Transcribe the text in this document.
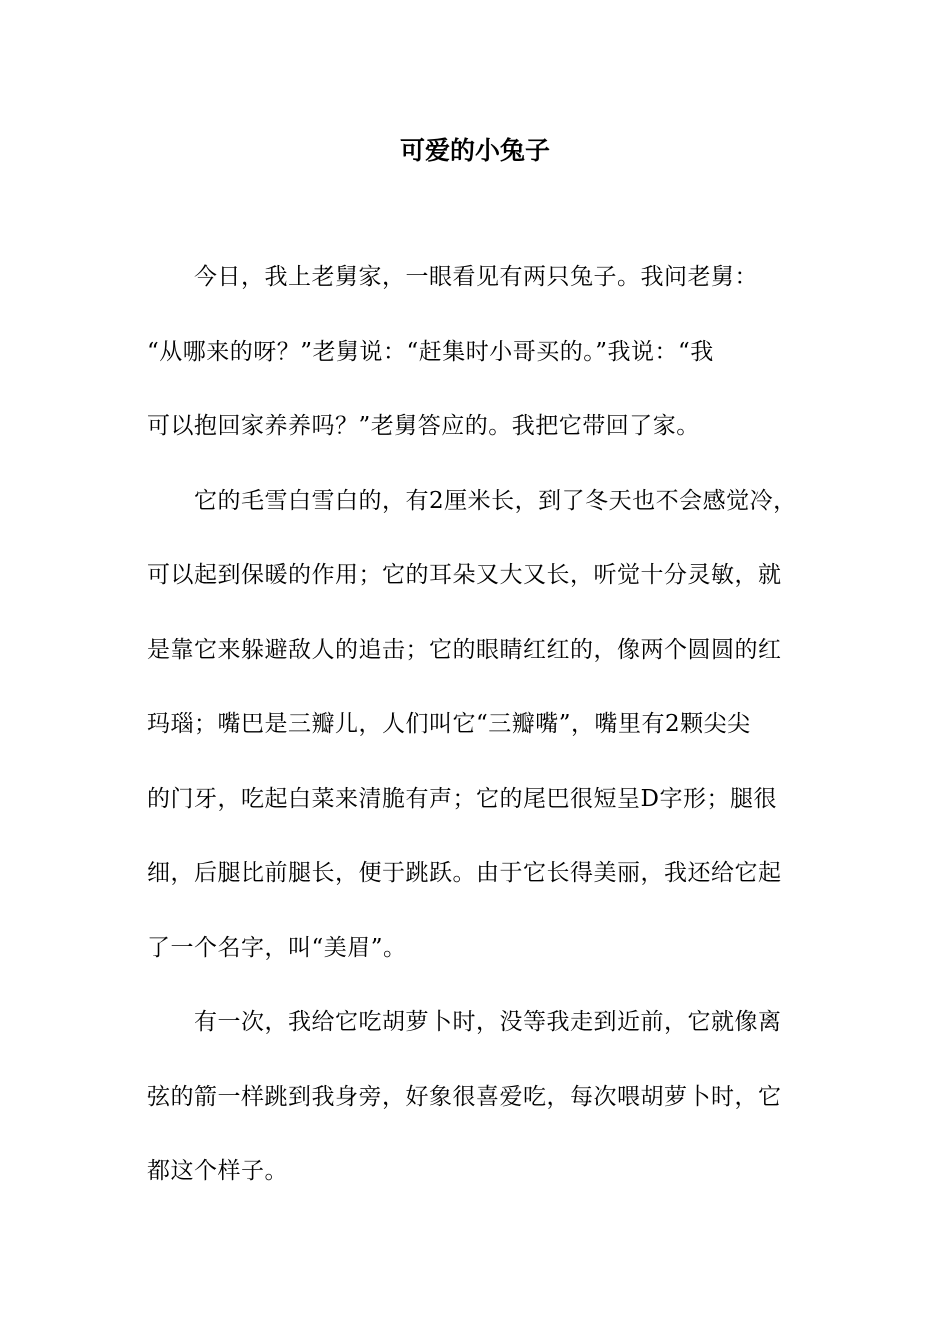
可爱的小兔子
今日，我上老舅家，一眼看见有两只兔子。我问老舅：
“从哪来的呀？”老舅说：“赶集时小哥买的。”我说：“我
可以抱回家养养吗？”老舅答应的。我把它带回了家。
它的毛雪白雪白的，有2厘米长，到了冬天也不会感觉冷，
可以起到保暖的作用；它的耳朵又大又长，听觉十分灵敏，就
是靠它来躲避敌人的追击；它的眼睛红红的，像两个圆圆的红
玛瑙；嘴巴是三瓣儿，人们叫它“三瓣嘴”，嘴里有2颗尖尖
的门牙，吃起白菜来清脆有声；它的尾巴很短呈D字形；腿很
细，后腿比前腿长，便于跳跃。由于它长得美丽，我还给它起
了一个名字，叫“美眉”。
有一次，我给它吃胡萝卜时，没等我走到近前，它就像离
弦的箭一样跳到我身旁，好象很喜爱吃，每次喂胡萝卜时，它
都这个样子。
